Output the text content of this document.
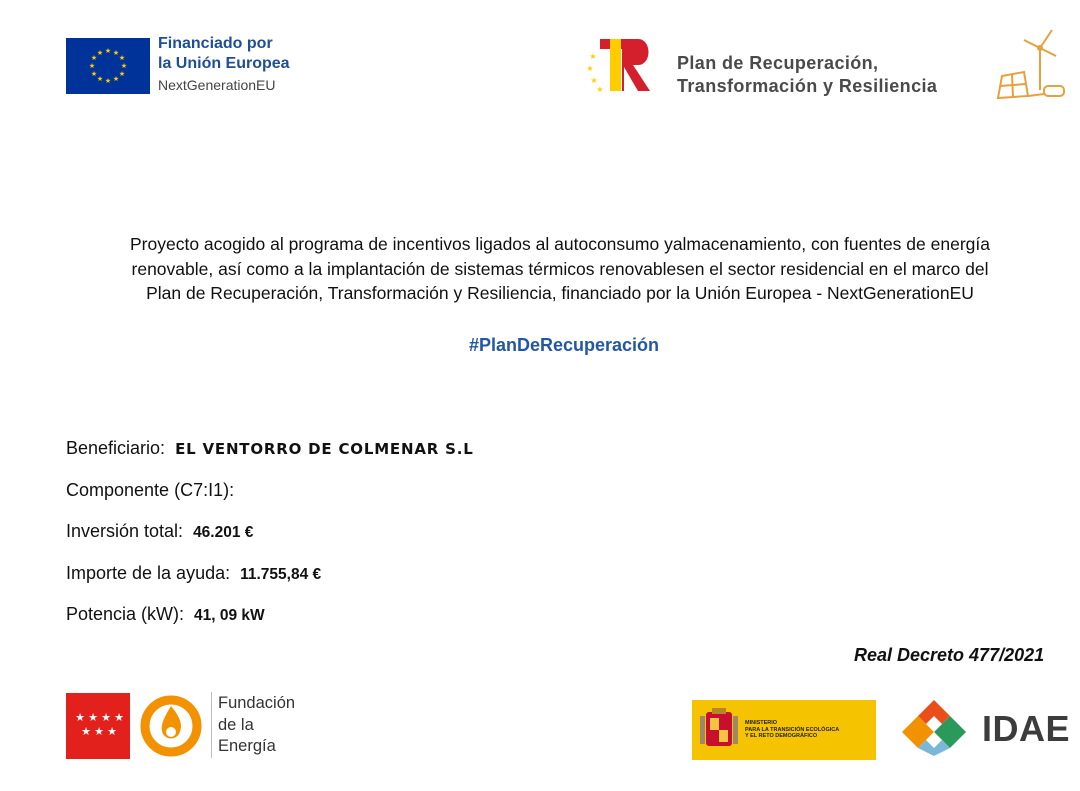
★ ★
★
★
★
★
★
★
★
★
★
★
Financiado por
la Unión Europea
NextGenerationEU
★
★
★
★
Plan de Recuperación,
Transformación y Resiliencia
Proyecto acogido al programa de incentivos ligados al autoconsumo yalmacenamiento, con fuentes de energía
renovable, así como a la implantación de sistemas térmicos renovablesen el sector residencial en el marco del
Plan de Recuperación, Transformación y Resiliencia, financiado por la Unión Europea - NextGenerationEU
#PlanDeRecuperación
Beneficiario: EL VENTORRO DE COLMENAR S.L
Componente (C7:I1):
Inversión total: 46.201 €
Importe de la ayuda: 11.755,84 €
Potencia (kW): 41, 09 kW
Real Decreto 477/2021
★ ★ ★ ★
★ ★ ★
Fundación
de la
Energía
MINISTERIO
PARA LA TRANSICIÓN ECOLÓGICA
Y EL RETO DEMOGRÁFICO	IDAE
